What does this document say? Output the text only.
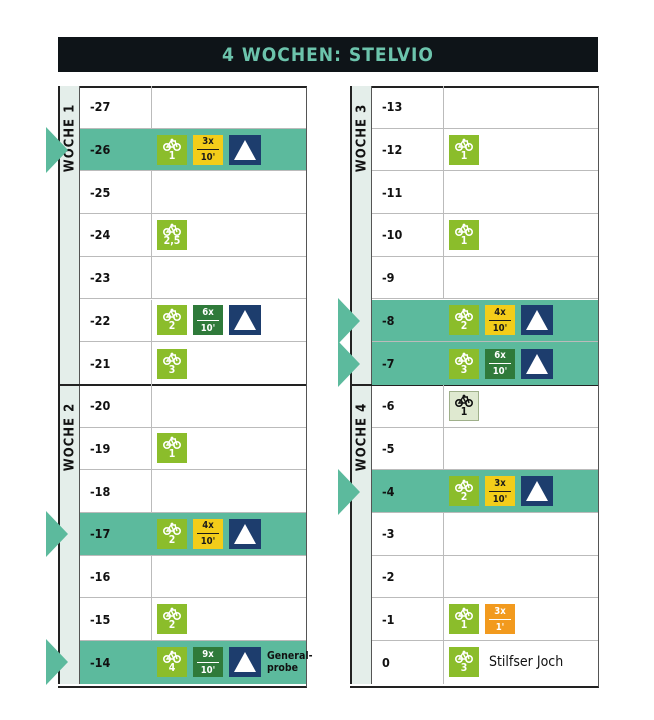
4 WOCHEN: STELVIO
WOCHE 1
WOCHE 2
-27
-26	1
3x
10'
-25
-24	2,5
-23
-22	2
6x
10'
-21	3
-20
-19	1
-18
-17	2
4x
10'
-16
-15	2
-14	4
9x
10'
General-
probe
WOCHE 3
WOCHE 4
-13
-12	1
-11
-10	1
-9
-8	2
4x
10'
-7	3
6x
10'
-6	1
-5
-4	2
3x
10'
-3
-2
-1	1
3x
1'
0	3 Stilfser Joch
